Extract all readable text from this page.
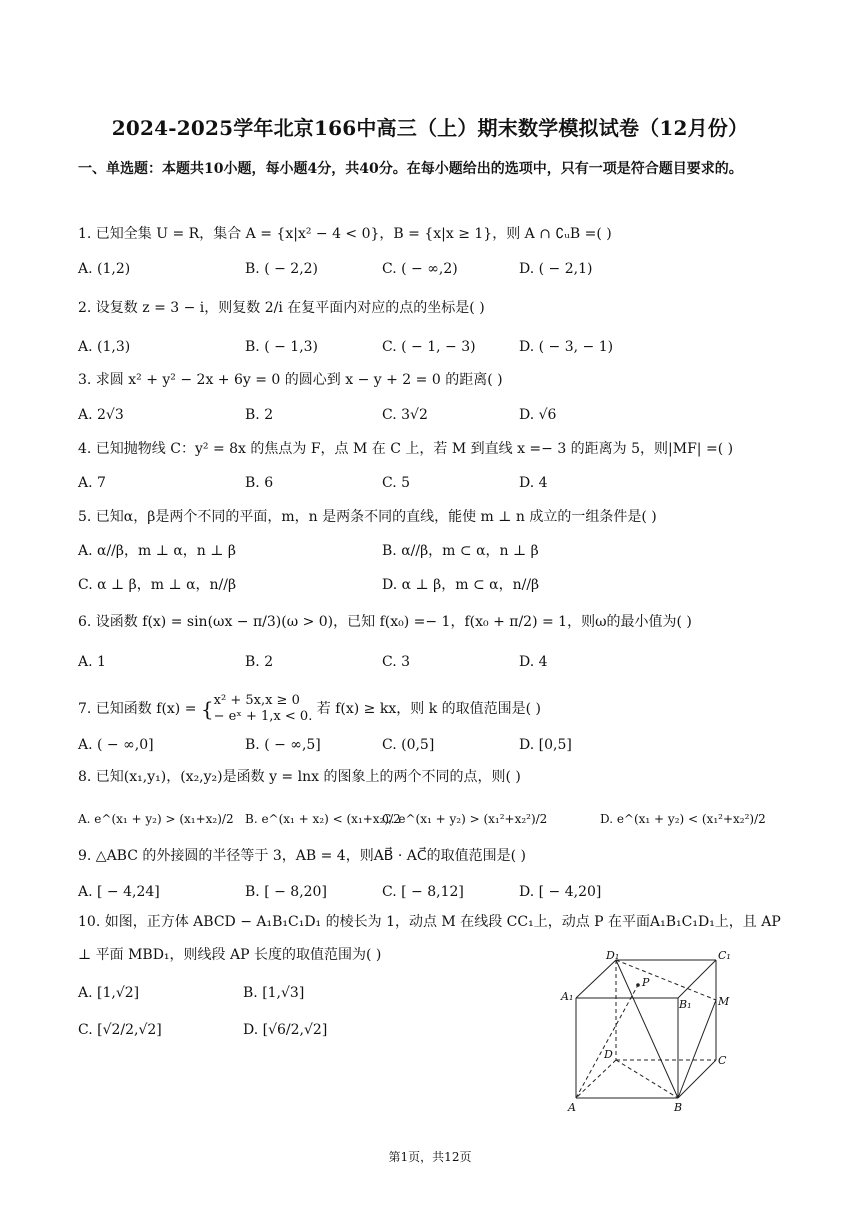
2024-2025学年北京166中高三（上）期末数学模拟试卷（12月份）
一、单选题：本题共10小题，每小题4分，共40分。在每小题给出的选项中，只有一项是符合题目要求的。
1. 已知全集 U = R，集合 A = {x|x² − 4 < 0}，B = {x|x ≥ 1}，则 A ∩ ∁ᵤB =( )
A. (1,2)	B. ( − 2,2)	C. ( − ∞,2)	D. ( − 2,1)
2. 设复数 z = 3 − i，则复数 2/i 在复平面内对应的点的坐标是( )
A. (1,3)	B. ( − 1,3)	C. ( − 1, − 3)	D. ( − 3, − 1)
3. 求圆 x² + y² − 2x + 6y = 0 的圆心到 x − y + 2 = 0 的距离( )
A. 2√3	B. 2	C. 3√2	D. √6
4. 已知抛物线 C：y² = 8x 的焦点为 F，点 M 在 C 上，若 M 到直线 x =− 3 的距离为 5，则|MF| =( )
A. 7	B. 6	C. 5	D. 4
5. 已知α，β是两个不同的平面，m，n 是两条不同的直线，能使 m ⊥ n 成立的一组条件是( )
A. α//β，m ⊥ α，n ⊥ β	B. α//β，m ⊂ α，n ⊥ β
C. α ⊥ β，m ⊥ α，n//β	D. α ⊥ β，m ⊂ α，n//β
6. 设函数 f(x) = sin(ωx − π/3)(ω > 0)，已知 f(x₀) =− 1，f(x₀ + π/2) = 1，则ω的最小值为( )
A. 1	B. 2	C. 3	D. 4
7. 已知函数 f(x) = {x² + 5x,x ≥ 0
− eˣ + 1,x < 0. 若 f(x) ≥ kx，则 k 的取值范围是( )
A. ( − ∞,0]	B. ( − ∞,5]	C. (0,5]	D. [0,5]
8. 已知(x₁,y₁)，(x₂,y₂)是函数 y = lnx 的图象上的两个不同的点，则( )
A. e^(x₁ + y₂) > (x₁+x₂)/2 B. e^(x₁ + x₂) < (x₁+x₂)/2
C. e^(x₁ + y₂) > (x₁²+x₂²)/2	D. e^(x₁ + y₂) < (x₁²+x₂²)/2
9. △ABC 的外接圆的半径等于 3，AB = 4，则AB⃗ · AC⃗的取值范围是( )
A. [ − 4,24]	B. [ − 8,20]	C. [ − 8,12]	D. [ − 4,20]
10. 如图，正方体 ABCD − A₁B₁C₁D₁ 的棱长为 1，动点 M 在线段 CC₁上，动点 P 在平面A₁B₁C₁D₁上，且 AP ⊥ 平面 MBD₁，则线段 AP 长度的取值范围为( )
A. [1,√2]	B. [1,√3]
C. [√2/2,√2]	D. [√6/2,√2]
D₁	C₁
A₁
B₁
P
M
D	C
A	B
第1页，共12页
